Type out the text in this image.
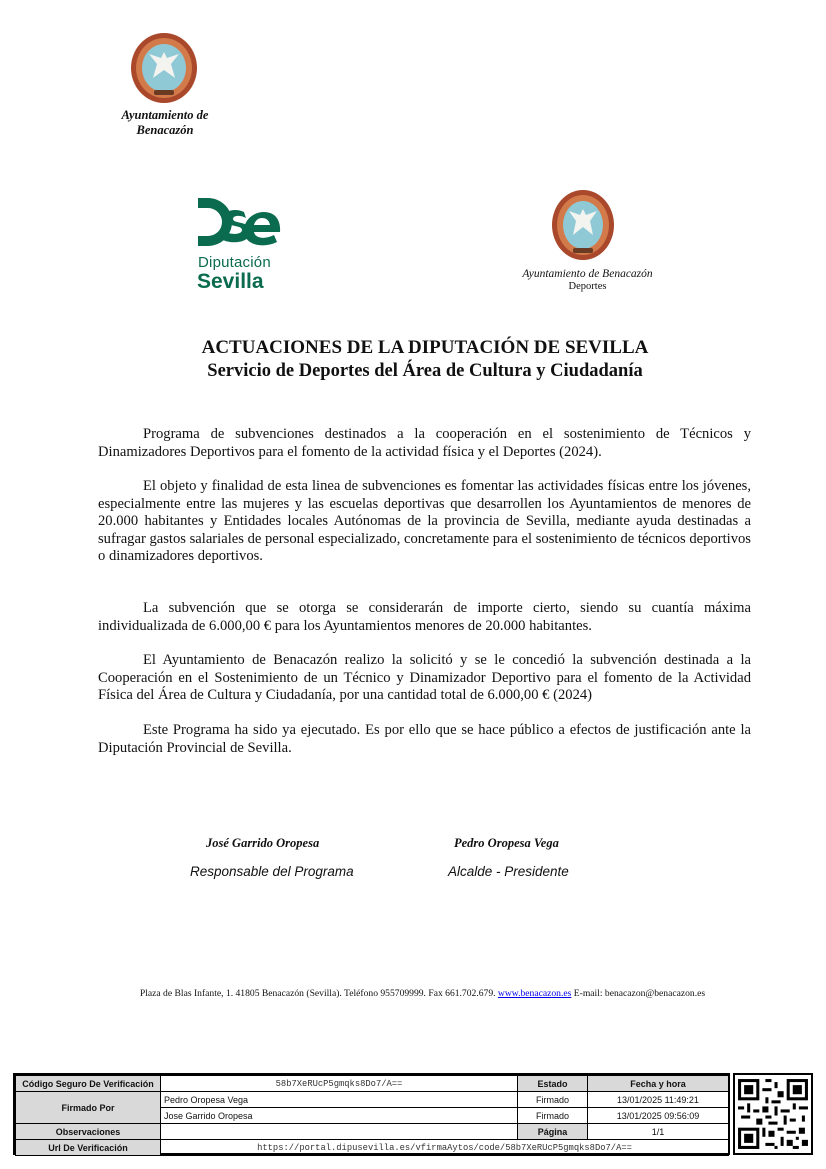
Ayuntamiento de
Benacazón
Diputación
Sevilla	Ayuntamiento de Benacazón
Deportes
ACTUACIONES DE LA DIPUTACIÓN DE SEVILLA
Servicio de Deportes del Área de Cultura y Ciudadanía
Programa de subvenciones destinados a la cooperación en el sostenimiento de Técnicos y Dinamizadores Deportivos para el fomento de la actividad física y el Deportes (2024).
El objeto y finalidad de esta linea de subvenciones es fomentar las actividades físicas entre los jóvenes, especialmente entre las mujeres y las escuelas deportivas que desarrollen los Ayuntamientos de menores de 20.000 habitantes y Entidades locales Autónomas de la provincia de Sevilla, mediante ayuda destinadas a sufragar gastos salariales de personal especializado, concretamente para el sostenimiento de técnicos deportivos o dinamizadores deportivos.
La subvención que se otorga se considerarán de importe cierto, siendo su cuantía máxima individualizada de 6.000,00 € para los Ayuntamientos menores de 20.000 habitantes.
El Ayuntamiento de Benacazón realizo la solicitó y se le concedió la subvención destinada a la Cooperación en el Sostenimiento de un Técnico y Dinamizador Deportivo para el fomento de la Actividad Física del Área de Cultura y Ciudadanía, por una cantidad total de 6.000,00 € (2024)
Este Programa ha sido ya ejecutado. Es por ello que se hace público a efectos de justificación ante la Diputación Provincial de Sevilla.
José Garrido Oropesa
Responsable del Programa
Pedro Oropesa Vega
Alcalde - Presidente
Plaza de Blas Infante, 1. 41805 Benacazón (Sevilla). Teléfono 955709999. Fax 661.702.679. www.benacazon.es E-mail: benacazon@benacazon.es
Código Seguro De Verificación	58b7XeRUcP5gmqks8Do7/A==	Estado	Fecha y hora
Firmado Por	Pedro Oropesa Vega	Firmado	13/01/2025 11:49:21
	Jose Garrido Oropesa	Firmado	13/01/2025 09:56:09
Observaciones		Página	1/1
Url De Verificación	https://portal.dipusevilla.es/vfirmaAytos/code/58b7XeRUcP5gmqks8Do7/A==		
